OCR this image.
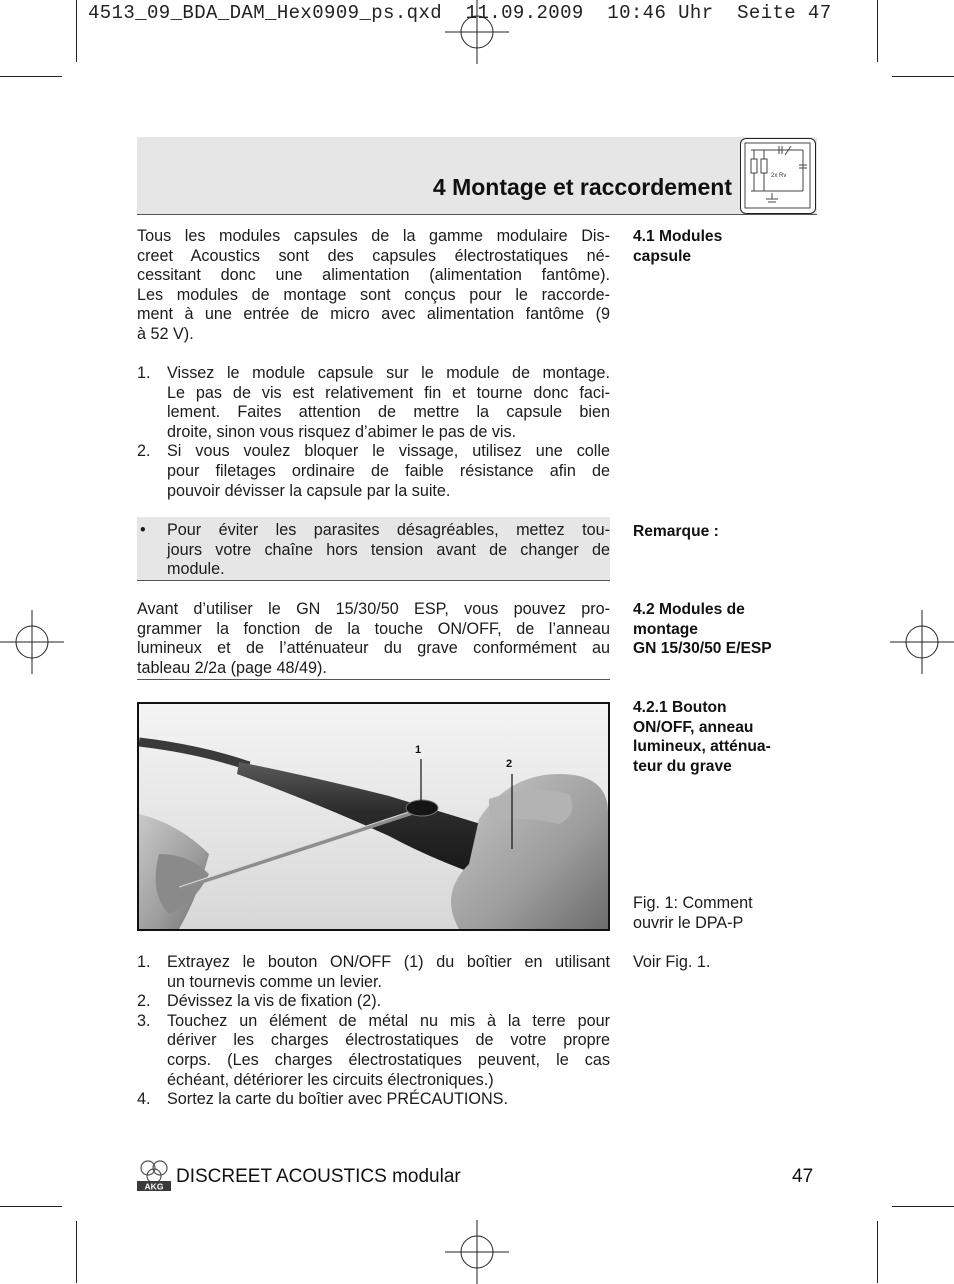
4513_09_BDA_DAM_Hex0909_ps.qxd  11.09.2009  10:46 Uhr  Seite 47
4 Montage et raccordement	2x Rv
4.1 Modules
capsule
Tous les modules capsules de la gamme modulaire Dis-
creet Acoustics sont des capsules électrostatiques né-
cessitant donc une alimentation (alimentation fantôme).
Les modules de montage sont conçus pour le raccorde-
ment à une entrée de micro avec alimentation fantôme (9
à 52 V).
1. Vissez le module capsule sur le module de montage.
Le pas de vis est relativement fin et tourne donc faci-
lement. Faites attention de mettre la capsule bien
droite, sinon vous risquez d’abimer le pas de vis.
2. Si vous voulez bloquer le vissage, utilisez une colle
pour filetages ordinaire de faible résistance afin de
pouvoir dévisser la capsule par la suite.
Remarque :
• Pour éviter les parasites désagréables, mettez tou-
jours votre chaîne hors tension avant de changer de
module.
4.2 Modules de
montage
GN 15/30/50 E/ESP
Avant d’utiliser le GN 15/30/50 ESP, vous pouvez pro-
grammer la fonction de la touche ON/OFF, de l’anneau
lumineux et de l’atténuateur du grave conformément au
tableau 2/2a (page 48/49).
4.2.1 Bouton
ON/OFF, anneau
lumineux, atténua-
teur du grave
1
2
Fig. 1: Comment
ouvrir le DPA-P
Voir Fig. 1.
1. Extrayez le bouton ON/OFF (1) du boîtier en utilisant
un tournevis comme un levier.
2. Dévissez la vis de fixation (2).
3. Touchez un élément de métal nu mis à la terre pour
dériver les charges électrostatiques de votre propre
corps. (Les charges électrostatiques peuvent, le cas
échéant, détériorer les circuits électroniques.)
4. Sortez la carte du boîtier avec PRÉCAUTIONS.
AKG DISCREET ACOUSTICS modular	47
